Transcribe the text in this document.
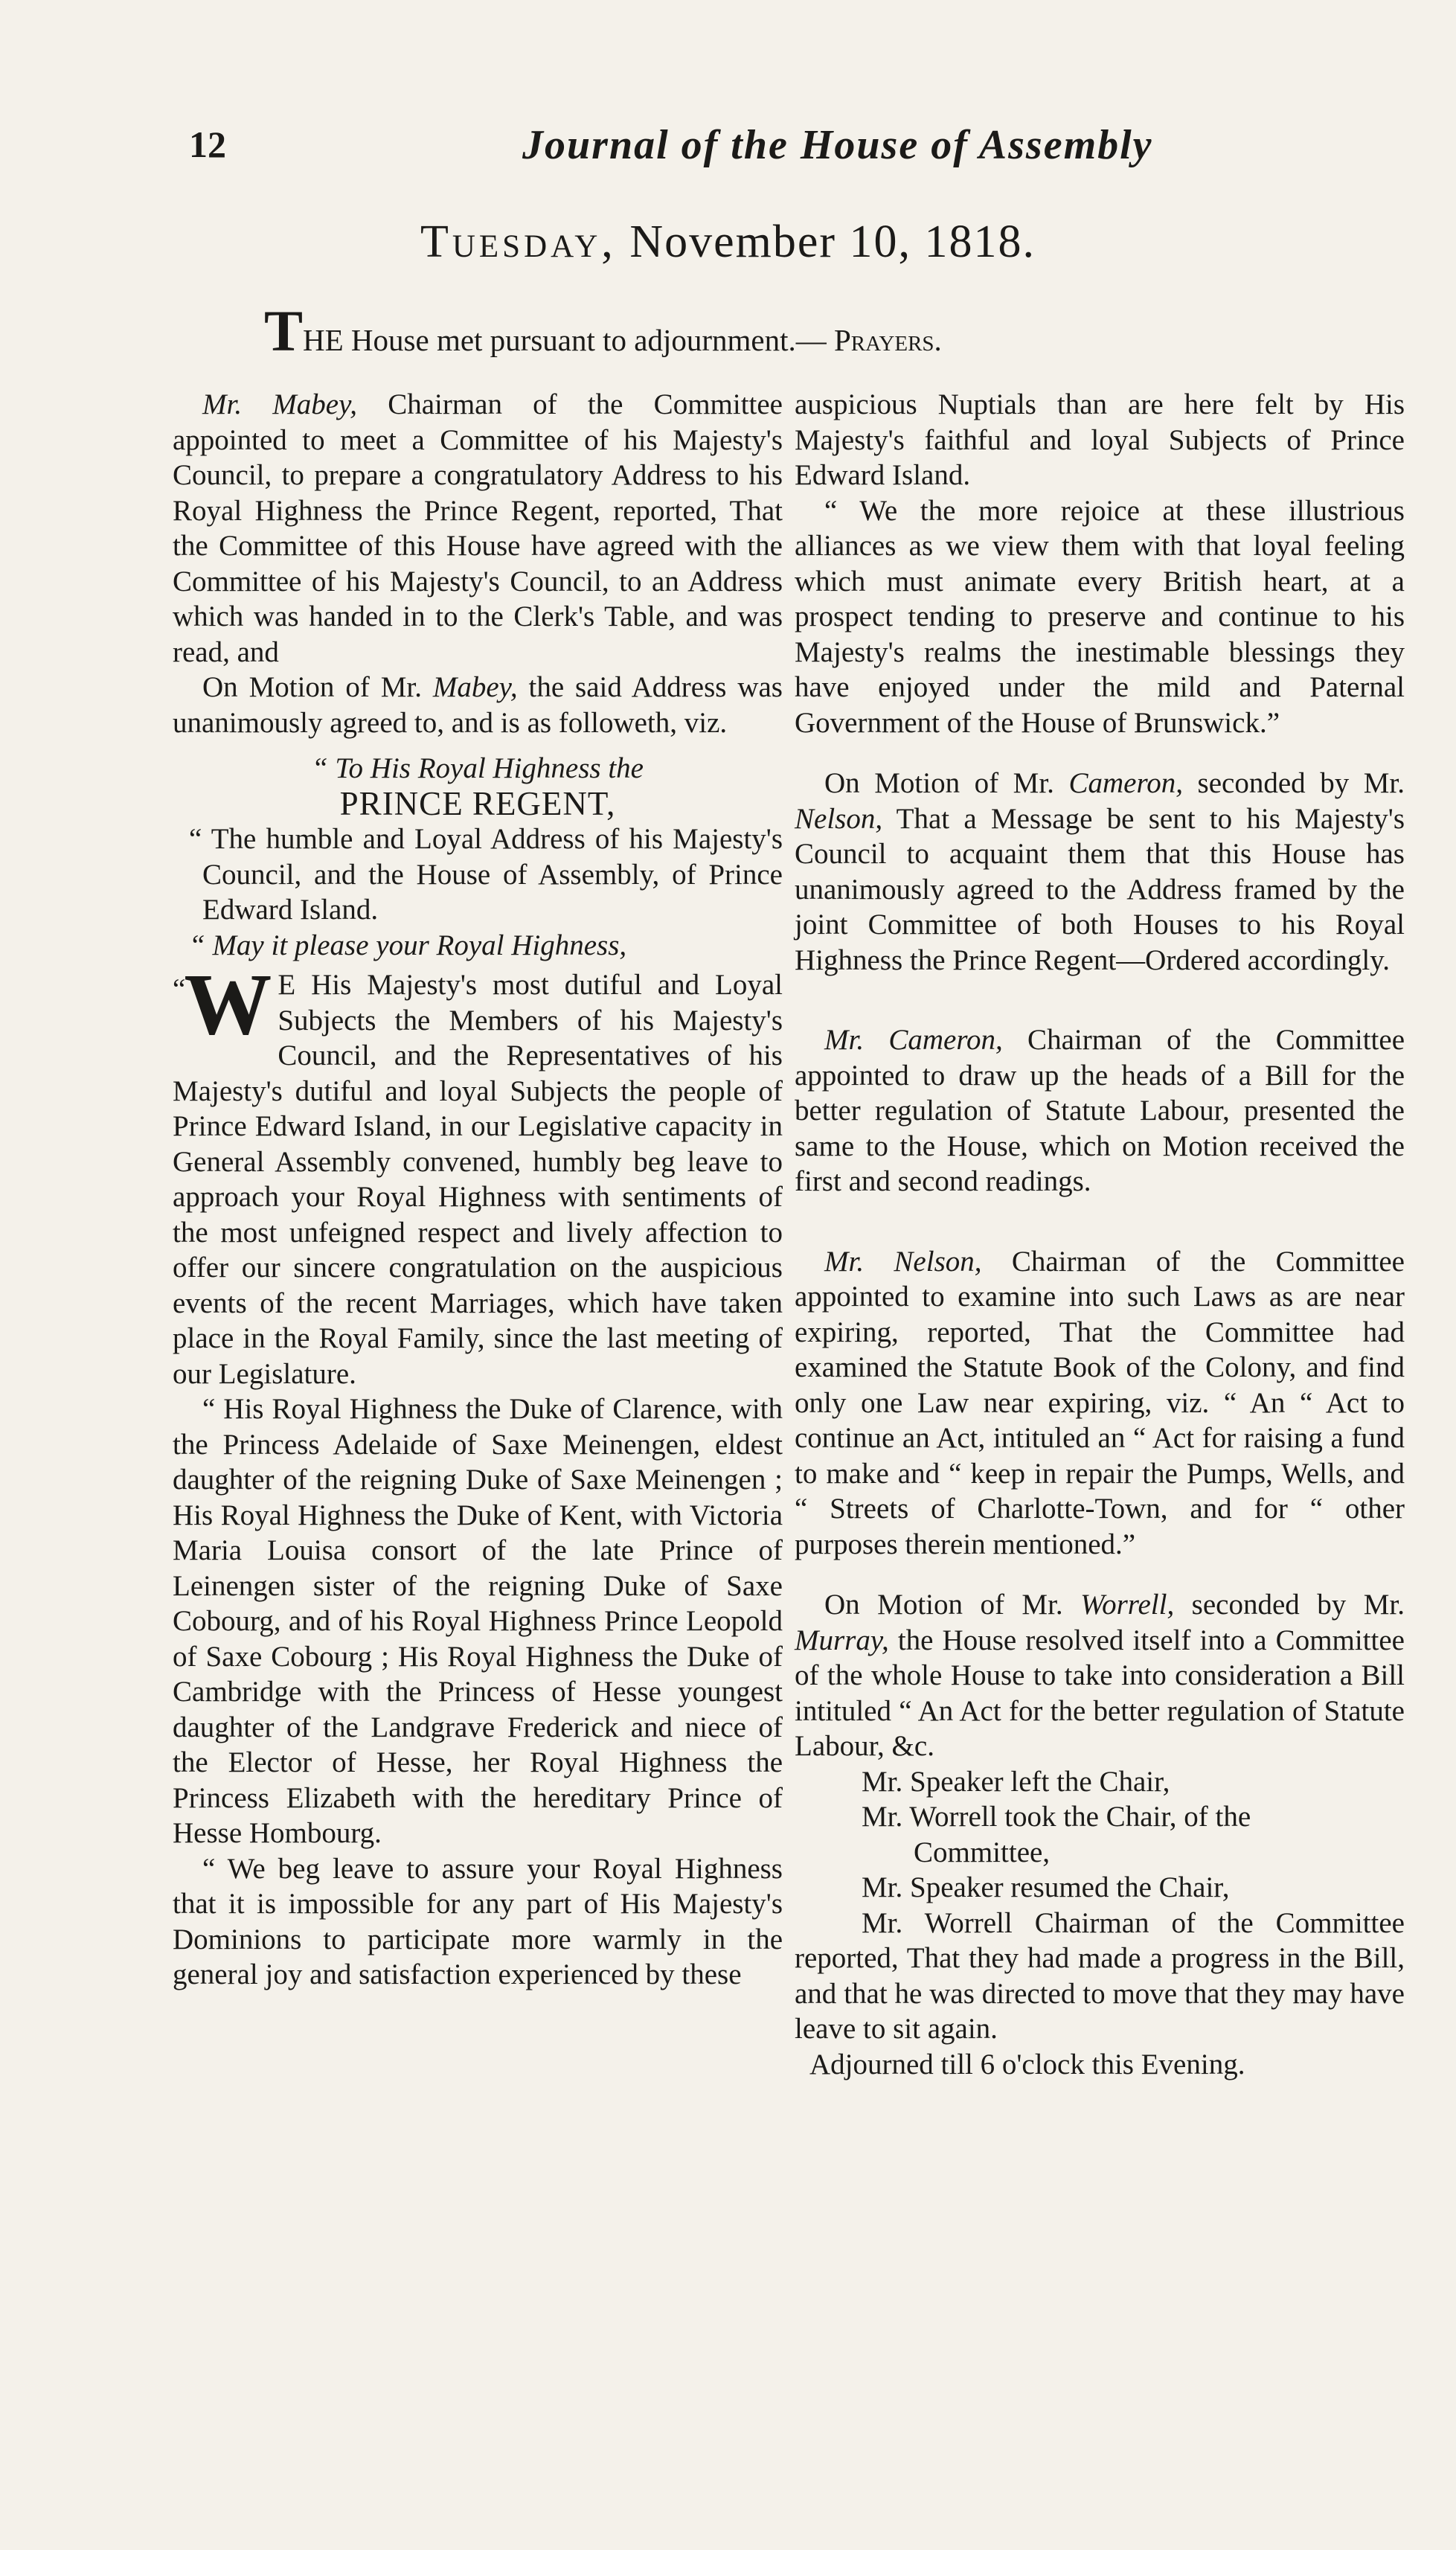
12	Journal of the House of Assembly
Tuesday, November 10, 1818.
THE House met pursuant to adjournment.— Prayers.

Mr. Mabey, Chairman of the Committee appointed to meet a Committee of his Majesty's Council, to prepare a congratulatory Address to his Royal Highness the Prince Regent, reported, That the Committee of this House have agreed with the Committee of his Majesty's Council, to an Address which was handed in to the Clerk's Table, and was read, and

On Motion of Mr. Mabey, the said Address was unanimously agreed to, and is as followeth, viz.

“ To His Royal Highness the

PRINCE REGENT,

“ The humble and Loyal Address of his Majesty's Council, and the House of Assembly, of Prince Edward Island.

“ May it please your Royal Highness,

“
W E His Majesty's most dutiful and Loyal Subjects the Members of his Majesty's Council, and the Representatives of his Majesty's dutiful and loyal Subjects the people of Prince Edward Island, in our Legislative capacity in General Assembly convened, humbly beg leave to approach your Royal Highness with sentiments of the most unfeigned respect and lively affection to offer our sincere congratulation on the auspicious events of the recent Marriages, which have taken place in the Royal Family, since the last meeting of our Legislature.

“ His Royal Highness the Duke of Clarence, with the Princess Adelaide of Saxe Meinengen, eldest daughter of the reigning Duke of Saxe Meinengen ; His Royal Highness the Duke of Kent, with Victoria Maria Louisa consort of the late Prince of Leinengen sister of the reigning Duke of Saxe Cobourg, and of his Royal Highness Prince Leopold of Saxe Cobourg ; His Royal Highness the Duke of Cambridge with the Princess of Hesse youngest daughter of the Landgrave Frederick and niece of the Elector of Hesse, her Royal Highness the Princess Elizabeth with the hereditary Prince of Hesse Hombourg.

“ We beg leave to assure your Royal Highness that it is impossible for any part of His Majesty's Dominions to participate more warmly in the general joy and satisfaction experienced by these

auspicious Nuptials than are here felt by His Majesty's faithful and loyal Subjects of Prince Edward Island.

“ We the more rejoice at these illustrious alliances as we view them with that loyal feeling which must animate every British heart, at a prospect tending to preserve and continue to his Majesty's realms the inestimable blessings they have enjoyed under the mild and Paternal Government of the House of Brunswick.”

On Motion of Mr. Cameron, seconded by Mr. Nelson, That a Message be sent to his Majesty's Council to acquaint them that this House has unanimously agreed to the Address framed by the joint Committee of both Houses to his Royal Highness the Prince Regent—Ordered accordingly.

Mr. Cameron, Chairman of the Committee appointed to draw up the heads of a Bill for the better regulation of Statute Labour, presented the same to the House, which on Motion received the first and second readings.

Mr. Nelson, Chairman of the Committee appointed to examine into such Laws as are near expiring, reported, That the Committee had examined the Statute Book of the Colony, and find only one Law near expiring, viz. “ An “ Act to continue an Act, intituled an “ Act for raising a fund to make and “ keep in repair the Pumps, Wells, and “ Streets of Charlotte-Town, and for “ other purposes therein mentioned.”

On Motion of Mr. Worrell, seconded by Mr. Murray, the House resolved itself into a Committee of the whole House to take into consideration a Bill intituled “ An Act for the better regulation of Statute Labour, &c.

Mr. Speaker left the Chair,

Mr. Worrell took the Chair, of the

Committee,

Mr. Speaker resumed the Chair,

Mr. Worrell Chairman of the Committee reported, That they had made a progress in the Bill, and that he was directed to move that they may have leave to sit again.

Adjourned till 6 o'clock this Evening.
